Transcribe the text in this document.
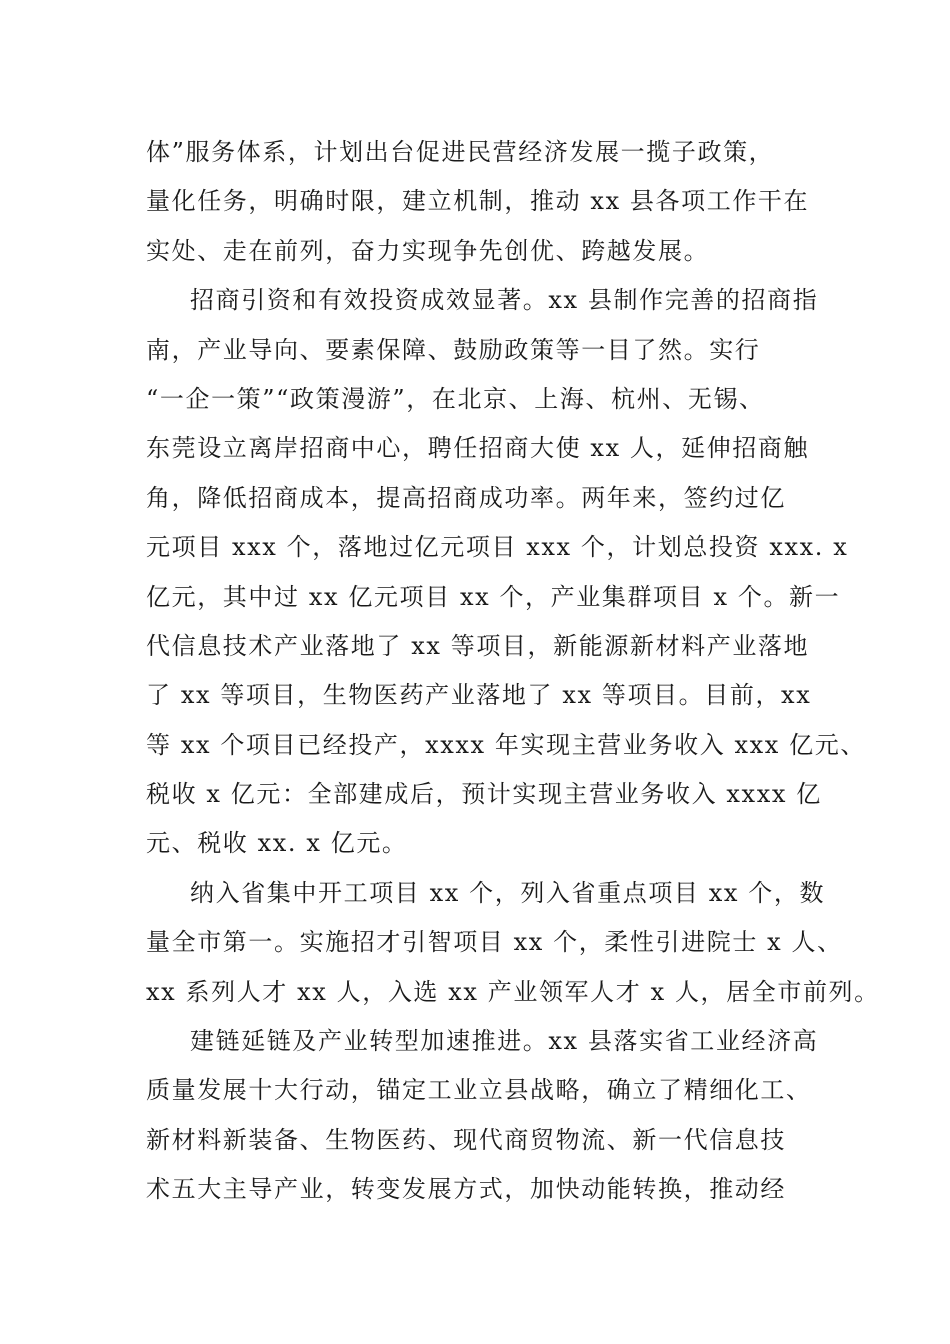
体”服务体系，计划出台促进民营经济发展一揽子政策，
量化任务，明确时限，建立机制，推动 xx 县各项工作干在
实处、走在前列，奋力实现争先创优、跨越发展。
招商引资和有效投资成效显著。xx 县制作完善的招商指
南，产业导向、要素保障、鼓励政策等一目了然。实行
“一企一策”“政策漫游”，在北京、上海、杭州、无锡、
东莞设立离岸招商中心，聘任招商大使 xx 人，延伸招商触
角，降低招商成本，提高招商成功率。两年来，签约过亿
元项目 xxx 个，落地过亿元项目 xxx 个，计划总投资 xxx. x
亿元，其中过 xx 亿元项目 xx 个，产业集群项目 x 个。新一
代信息技术产业落地了 xx 等项目，新能源新材料产业落地
了 xx 等项目，生物医药产业落地了 xx 等项目。目前，xx
等 xx 个项目已经投产，xxxx 年实现主营业务收入 xxx 亿元、
税收 x 亿元：全部建成后，预计实现主营业务收入 xxxx 亿
元、税收 xx. x 亿元。
纳入省集中开工项目 xx 个，列入省重点项目 xx 个，数
量全市第一。实施招才引智项目 xx 个，柔性引进院士 x 人、
xx 系列人才 xx 人，入选 xx 产业领军人才 x 人，居全市前列。
建链延链及产业转型加速推进。xx 县落实省工业经济高
质量发展十大行动，锚定工业立县战略，确立了精细化工、
新材料新装备、生物医药、现代商贸物流、新一代信息技
术五大主导产业，转变发展方式，加快动能转换，推动经
